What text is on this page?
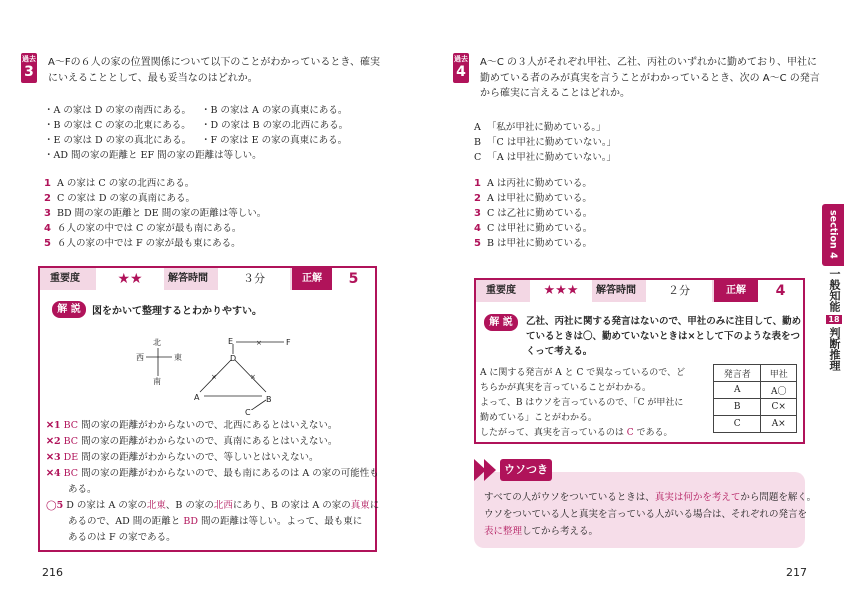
過去
3
A～Fの６人の家の位置関係について以下のことがわかっているとき、確実
にいえることとして、最も妥当なのはどれか。
・A の家は D の家の南西にある。 ・B の家は A の家の真東にある。
・B の家は C の家の北東にある。 ・D の家は B の家の北西にある。
・E の家は D の家の真北にある。 ・F の家は E の家の真東にある。
・AD 間の家の距離と EF 間の家の距離は等しい。
1 A の家は C の家の北西にある。
2 C の家は D の家の真南にある。
3 BD 間の家の距離と DE 間の家の距離は等しい。
4 ６人の家の中では C の家が最も南にある。
5 ６人の家の中では F の家が最も東にある。
重要度	★★	解答時間	３分	正解	5
解 説	図をかいて整理するとわかりやすい。
北
南
西	東
×
×	×
E	F
D
A	B
C
✕1 BC 間の家の距離がわからないので、北西にあるとはいえない。
✕2 BC 間の家の距離がわからないので、真南にあるとはいえない。
✕3 DE 間の家の距離がわからないので、等しいとはいえない。
✕4 BC 間の家の距離がわからないので、最も南にあるのは A の家の可能性も
ある。
◯5 D の家は A の家の北東、B の家の北西にあり、B の家は A の家の真東に
あるので、AD 間の距離と BD 間の距離は等しい。よって、最も東に
あるのは F の家である。
216
過去
4
A～C の３人がそれぞれ甲社、乙社、丙社のいずれかに勤めており、甲社に
勤めている者のみが真実を言うことがわかっているとき、次の A～C の発言
から確実に言えることはどれか。
A 「私が甲社に勤めている。」
B 「C は甲社に勤めていない。」
C 「A は甲社に勤めていない。」
1 A は丙社に勤めている。
2 A は甲社に勤めている。
3 C は乙社に勤めている。
4 C は甲社に勤めている。
5 B は甲社に勤めている。
重要度	★★★	解答時間	２分	正解	4
解 説	乙社、丙社に関する発言はないので、甲社のみに注目して、勤め
ているときは〇、勤めていないときは×として下のような表をつ
くって考える。
A に関する発言が A と C で異なっているので、ど
ちらかが真実を言っていることがわかる。
よって、B はウソを言っているので、「C が甲社に
勤めている」ことがわかる。
したがって、真実を言っているのは C である。
発言者	甲社
A	A〇
B	C×
C	A×
ウソつき
すべての人がウソをついているときは、真実は何かを考えてから問題を解く。
ウソをついている人と真実を言っている人がいる場合は、それぞれの発言を
表に整理してから考える。
section 4
一般知能
18
判断推理
217
